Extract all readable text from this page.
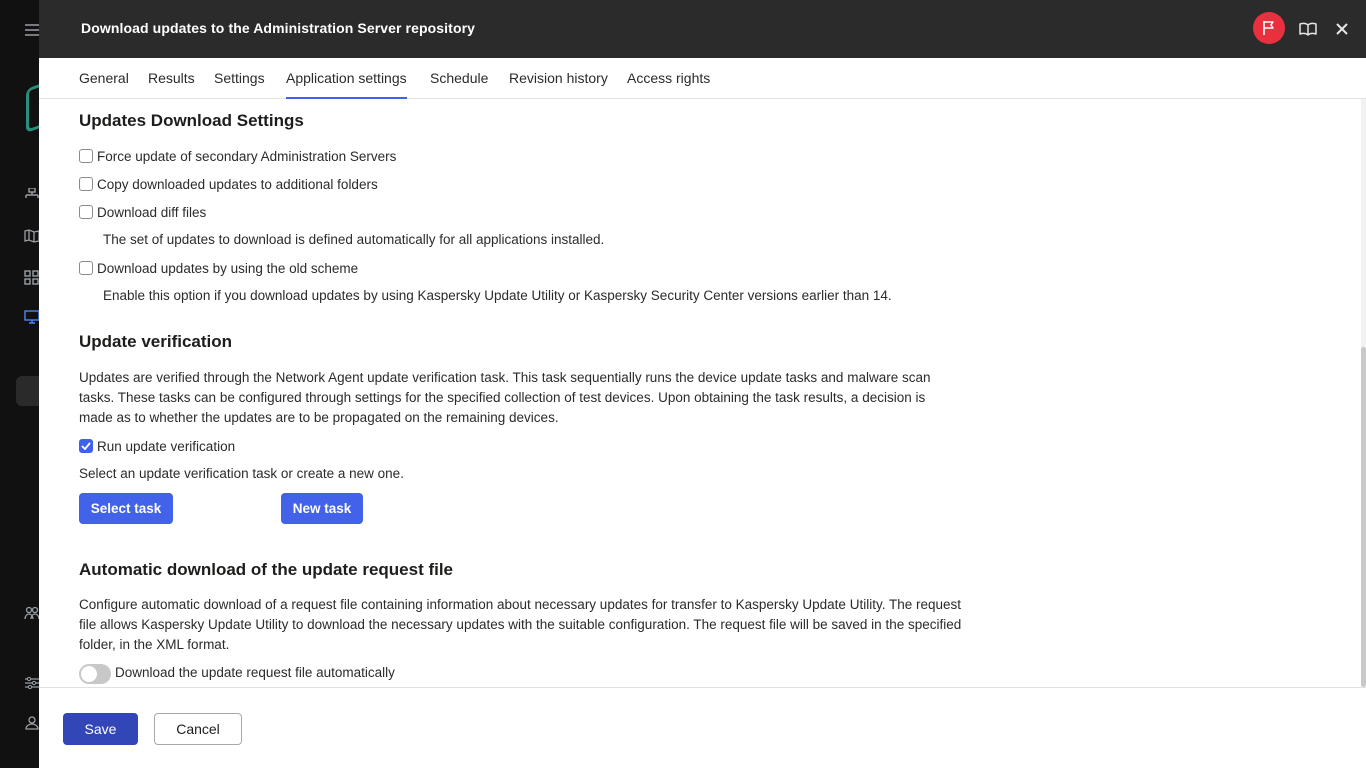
Download updates to the Administration Server repository
General Results Settings Application settings Schedule Revision history Access rights
Updates Download Settings
Force update of secondary Administration Servers
Copy downloaded updates to additional folders
Download diff files
The set of updates to download is defined automatically for all applications installed.
Download updates by using the old scheme
Enable this option if you download updates by using Kaspersky Update Utility or Kaspersky Security Center versions earlier than 14.
Update verification
Updates are verified through the Network Agent update verification task. This task sequentially runs the device update tasks and malware scan tasks. These tasks can be configured through settings for the specified collection of test devices. Upon obtaining the task results, a decision is made as to whether the updates are to be propagated on the remaining devices.
Run update verification
Select an update verification task or create a new one.
Select task	New task
Automatic download of the update request file
Configure automatic download of a request file containing information about necessary updates for transfer to Kaspersky Update Utility. The request file allows Kaspersky Update Utility to download the necessary updates with the suitable configuration. The request file will be saved in the specified folder, in the XML format.
Download the update request file automatically
Save	Cancel
